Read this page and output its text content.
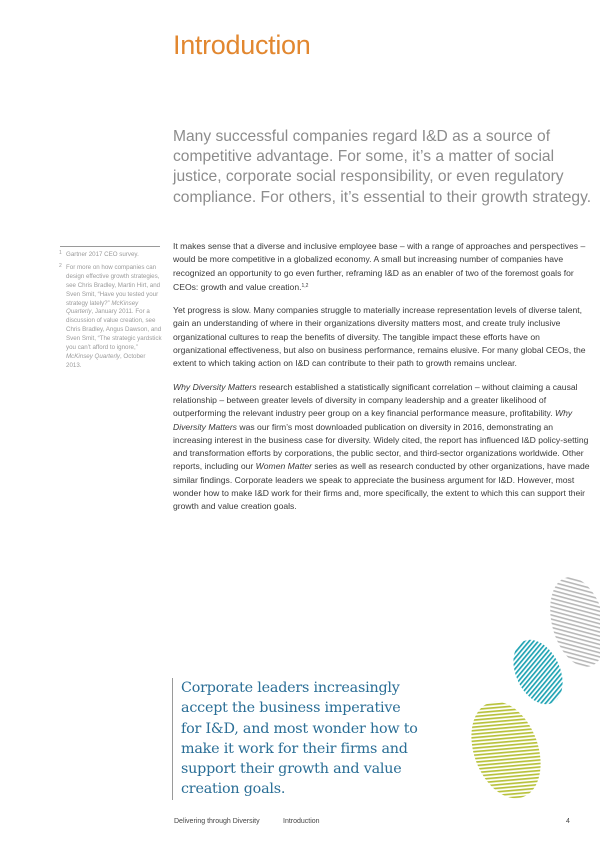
Introduction

Many successful companies regard I&D as a source of competitive advantage. For some, it’s a matter of social justice, corporate social responsibility, or even regulatory compliance. For others, it’s essential to their growth strategy.

1 Gartner 2017 CEO survey.
2 For more on how companies can design effective growth strategies, see Chris Bradley, Martin Hirt, and Sven Smit, “Have you tested your strategy lately?” McKinsey Quarterly, January 2011. For a discussion of value creation, see Chris Bradley, Angus Dawson, and Sven Smit, “The strategic yardstick you can’t afford to ignore,” McKinsey Quarterly, October 2013.

It makes sense that a diverse and inclusive employee base – with a range of approaches and perspectives – would be more competitive in a globalized economy. A small but increasing number of companies have recognized an opportunity to go even further, reframing I&D as an enabler of two of the foremost goals for CEOs: growth and value creation.$^{1,2}$

Yet progress is slow. Many companies struggle to materially increase representation levels of diverse talent, gain an understanding of where in their organizations diversity matters most, and create truly inclusive organizational cultures to reap the benefits of diversity. The tangible impact these efforts have on organizational effectiveness, but also on business performance, remains elusive. For many global CEOs, the extent to which taking action on I&D can contribute to their path to growth remains unclear.

Why Diversity Matters research established a statistically significant correlation – without claiming a causal relationship – between greater levels of diversity in company leadership and a greater likelihood of outperforming the relevant industry peer group on a key financial performance measure, profitability. Why Diversity Matters was our firm’s most downloaded publication on diversity in 2016, demonstrating an increasing interest in the business case for diversity. Widely cited, the report has influenced I&D policy-setting and transformation efforts by corporations, the public sector, and third-sector organizations worldwide. Other reports, including our Women Matter series as well as research conducted by other organizations, have made similar findings. Corporate leaders we speak to appreciate the business argument for I&D. However, most wonder how to make I&D work for their firms and, more specifically, the extent to which this can support their growth and value creation goals.

Corporate leaders increasingly
accept the business imperative
for I&D, and most wonder how to
make it work for their firms and
support their growth and value
creation goals.
Delivering through Diversity	Introduction	4
